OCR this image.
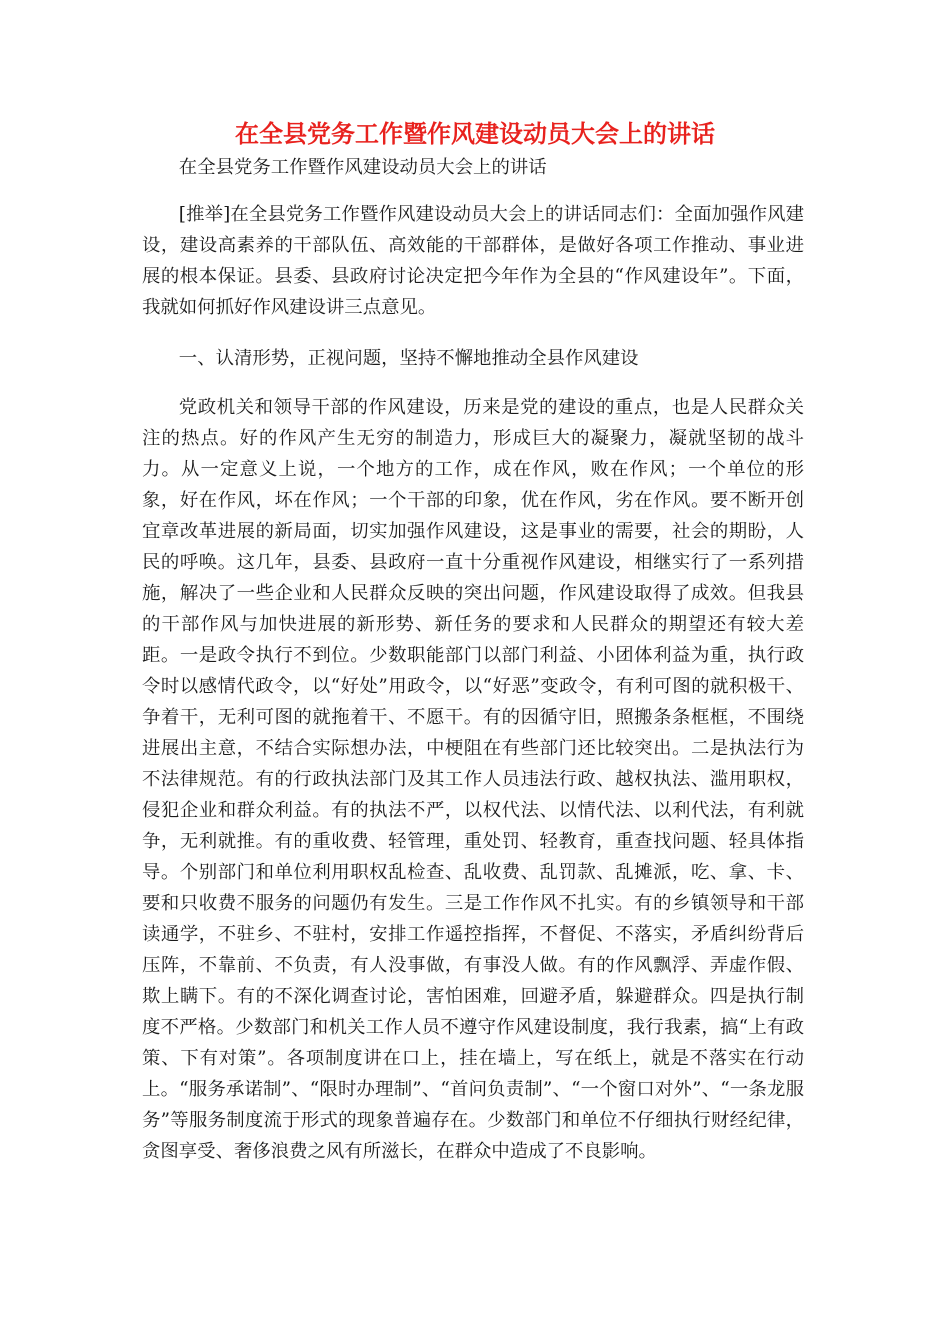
在全县党务工作暨作风建设动员大会上的讲话

在全县党务工作暨作风建设动员大会上的讲话

[推举]在全县党务工作暨作风建设动员大会上的讲话同志们：全面加强作风建设，建设高素养的干部队伍、高效能的干部群体，是做好各项工作推动、事业进展的根本保证。县委、县政府讨论决定把今年作为全县的“作风建设年”。下面，我就如何抓好作风建设讲三点意见。

一、认清形势，正视问题，坚持不懈地推动全县作风建设

党政机关和领导干部的作风建设，历来是党的建设的重点，也是人民群众关注的热点。好的作风产生无穷的制造力，形成巨大的凝聚力，凝就坚韧的战斗力。从一定意义上说，一个地方的工作，成在作风，败在作风；一个单位的形象，好在作风，坏在作风；一个干部的印象，优在作风，劣在作风。要不断开创宜章改革进展的新局面，切实加强作风建设，这是事业的需要，社会的期盼，人民的呼唤。这几年，县委、县政府一直十分重视作风建设，相继实行了一系列措施，解决了一些企业和人民群众反映的突出问题，作风建设取得了成效。但我县的干部作风与加快进展的新形势、新任务的要求和人民群众的期望还有较大差距。一是政令执行不到位。少数职能部门以部门利益、小团体利益为重，执行政令时以感情代政令，以“好处”用政令，以“好恶”变政令，有利可图的就积极干、争着干，无利可图的就拖着干、不愿干。有的因循守旧，照搬条条框框，不围绕进展出主意，不结合实际想办法，中梗阻在有些部门还比较突出。二是执法行为不法律规范。有的行政执法部门及其工作人员违法行政、越权执法、滥用职权，侵犯企业和群众利益。有的执法不严，以权代法、以情代法、以利代法，有利就争，无利就推。有的重收费、轻管理，重处罚、轻教育，重查找问题、轻具体指导。个别部门和单位利用职权乱检查、乱收费、乱罚款、乱摊派，吃、拿、卡、要和只收费不服务的问题仍有发生。三是工作作风不扎实。有的乡镇领导和干部读通学，不驻乡、不驻村，安排工作遥控指挥，不督促、不落实，矛盾纠纷背后压阵，不靠前、不负责，有人没事做，有事没人做。有的作风飘浮、弄虚作假、欺上瞒下。有的不深化调查讨论，害怕困难，回避矛盾，躲避群众。四是执行制度不严格。少数部门和机关工作人员不遵守作风建设制度，我行我素，搞“上有政策、下有对策”。各项制度讲在口上，挂在墙上，写在纸上，就是不落实在行动上。“服务承诺制”、“限时办理制”、“首问负责制”、“一个窗口对外”、“一条龙服务”等服务制度流于形式的现象普遍存在。少数部门和单位不仔细执行财经纪律，贪图享受、奢侈浪费之风有所滋长，在群众中造成了不良影响。
